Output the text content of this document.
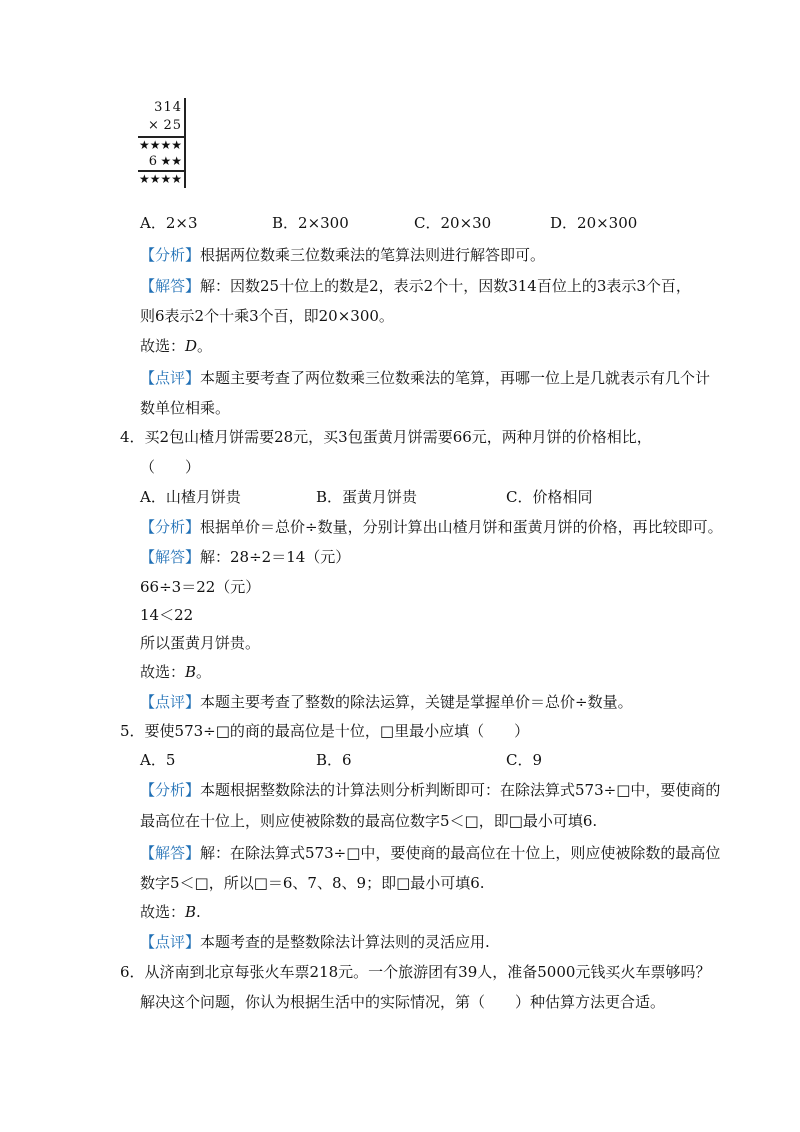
314
× 25
★★★★
6 ★★
★★★★
A．2×3	B．2×300	C．20×30	D．20×300
【分析】根据两位数乘三位数乘法的笔算法则进行解答即可。
【解答】解：因数25十位上的数是2，表示2个十，因数314百位上的3表示3个百，
则6表示2个十乘3个百，即20×300。
故选：D。
【点评】本题主要考查了两位数乘三位数乘法的笔算，再哪一位上是几就表示有几个计
数单位相乘。
4．买2包山楂月饼需要28元，买3包蛋黄月饼需要66元，两种月饼的价格相比，
（　　）
A．山楂月饼贵	B．蛋黄月饼贵	C．价格相同
【分析】根据单价＝总价÷数量，分别计算出山楂月饼和蛋黄月饼的价格，再比较即可。
【解答】解：28÷2＝14（元）
66÷3＝22（元）
14＜22
所以蛋黄月饼贵。
故选：B。
【点评】本题主要考查了整数的除法运算，关键是掌握单价＝总价÷数量。
5．要使573÷□的商的最高位是十位，□里最小应填（　　）
A．5	B．6	C．9
【分析】本题根据整数除法的计算法则分析判断即可：在除法算式573÷□中，要使商的
最高位在十位上，则应使被除数的最高位数字5＜□，即□最小可填6.
【解答】解：在除法算式573÷□中，要使商的最高位在十位上，则应使被除数的最高位
数字5＜□，所以□＝6、7、8、9；即□最小可填6.
故选：B.
【点评】本题考查的是整数除法计算法则的灵活应用.
6．从济南到北京每张火车票218元。一个旅游团有39人，准备5000元钱买火车票够吗？
解决这个问题，你认为根据生活中的实际情况，第（　　）种估算方法更合适。
